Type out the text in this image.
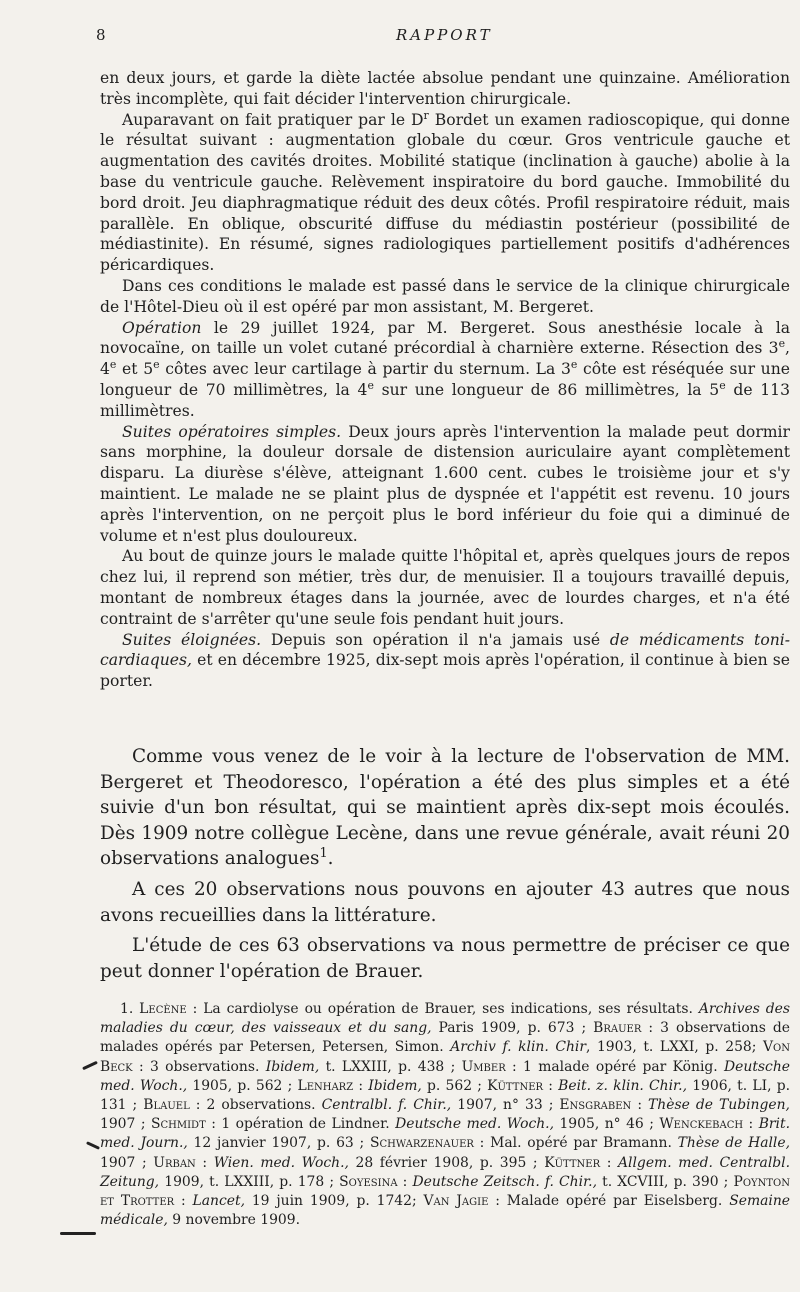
8	RAPPORT

en deux jours, et garde la diète lactée absolue pendant une quinzaine. Amélioration très incomplète, qui fait décider l'intervention chirurgicale.

Auparavant on fait pratiquer par le $D^r$ Bordet un examen radioscopique, qui donne le résultat suivant : augmentation globale du cœur. Gros ventricule gauche et augmentation des cavités droites. Mobilité statique (inclination à gauche) abolie à la base du ventricule gauche. Relèvement inspiratoire du bord gauche. Immobilité du bord droit. Jeu diaphragmatique réduit des deux côtés. Profil respiratoire réduit, mais parallèle. En oblique, obscurité diffuse du médiastin postérieur (possibilité de médiastinite). En résumé, signes radiologiques partiellement positifs d'adhérences péricardiques.

Dans ces conditions le malade est passé dans le service de la clinique chirurgicale de l'Hôtel-Dieu où il est opéré par mon assistant, M. Bergeret.

Opération le 29 juillet 1924, par M. Bergeret. Sous anesthésie locale à la novocaïne, on taille un volet cutané précordial à charnière externe. Résection des 3e, 4e et 5e côtes avec leur cartilage à partir du sternum. La 3e côte est réséquée sur une longueur de 70 millimètres, la 4e sur une longueur de 86 millimètres, la 5e de 113 millimètres.

Suites opératoires simples. Deux jours après l'intervention la malade peut dormir sans morphine, la douleur dorsale de distension auriculaire ayant complètement disparu. La diurèse s'élève, atteignant 1.600 cent. cubes le troisième jour et s'y maintient. Le malade ne se plaint plus de dyspnée et l'appétit est revenu. 10 jours après l'intervention, on ne perçoit plus le bord inférieur du foie qui a diminué de volume et n'est plus douloureux.

Au bout de quinze jours le malade quitte l'hôpital et, après quelques jours de repos chez lui, il reprend son métier, très dur, de menuisier. Il a toujours travaillé depuis, montant de nombreux étages dans la journée, avec de lourdes charges, et n'a été contraint de s'arrêter qu'une seule fois pendant huit jours.

Suites éloignées. Depuis son opération il n'a jamais usé de médicaments toni-cardiaques, et en décembre 1925, dix-sept mois après l'opération, il continue à bien se porter.

Comme vous venez de le voir à la lecture de l'observation de MM. Bergeret et Theodoresco, l'opération a été des plus simples et a été suivie d'un bon résultat, qui se maintient après dix-sept mois écoulés. Dès 1909 notre collègue Lecène, dans une revue générale, avait réuni 20 observations analogues$^1$.

A ces 20 observations nous pouvons en ajouter 43 autres que nous avons recueillies dans la littérature.

L'étude de ces 63 observations va nous permettre de préciser ce que peut donner l'opération de Brauer.

1. Lecène : La cardiolyse ou opération de Brauer, ses indications, ses résultats. Archives des maladies du cœur, des vaisseaux et du sang, Paris 1909, p. 673 ; Brauer : 3 observations de malades opérés par Petersen, Petersen, Simon. Archiv f. klin. Chir, 1903, t. LXXI, p. 258; Von Beck : 3 observations. Ibidem, t. LXXIII, p. 438 ; Umber : 1 malade opéré par König. Deutsche med. Woch., 1905, p. 562 ; Lenharz : Ibidem, p. 562 ; Küttner : Beit. z. klin. Chir., 1906, t. LI, p. 131 ; Blauel : 2 observations. Centralbl. f. Chir., 1907, n° 33 ; Ensgraben : Thèse de Tubingen, 1907 ; Schmidt : 1 opération de Lindner. Deutsche med. Woch., 1905, n° 46 ; Wenckebach : Brit. med. Journ., 12 janvier 1907, p. 63 ; Schwarzenauer : Mal. opéré par Bramann. Thèse de Halle, 1907 ; Urban : Wien. med. Woch., 28 février 1908, p. 395 ; Küttner : Allgem. med. Centralbl. Zeitung, 1909, t. LXXIII, p. 178 ; Soyesina : Deutsche Zeitsch. f. Chir., t. XCVIII, p. 390 ; Poynton et Trotter : Lancet, 19 juin 1909, p. 1742; Van Jagie : Malade opéré par Eiselsberg. Semaine médicale, 9 novembre 1909.
